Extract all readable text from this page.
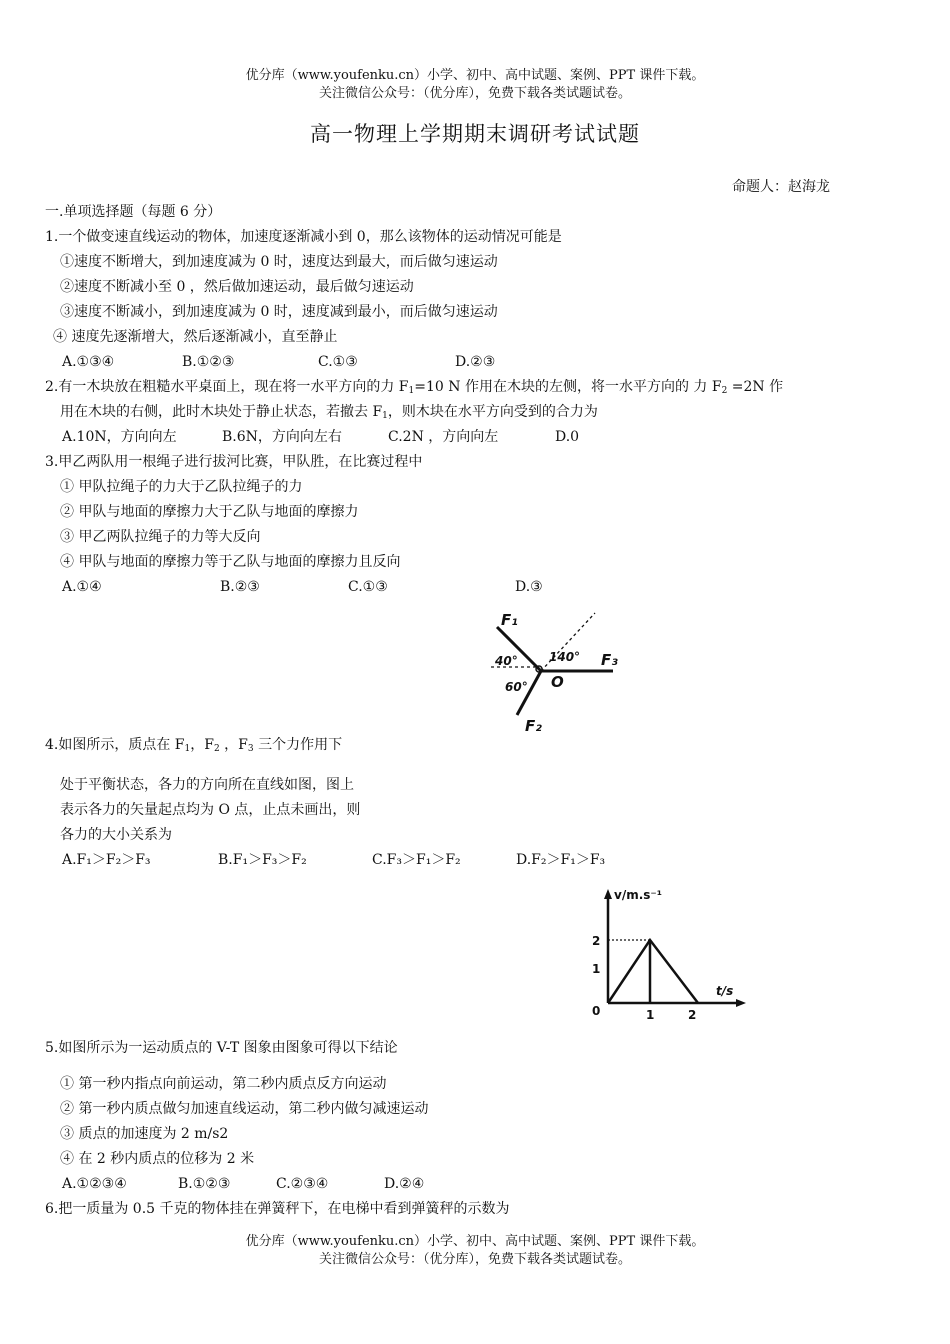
优分库（www.youfenku.cn）小学、初中、高中试题、案例、PPT 课件下载。
关注微信公众号：（优分库），免费下载各类试题试卷。
高一物理上学期期末调研考试试题
命题人：赵海龙
一.单项选择题（每题 6 分）
1.一个做变速直线运动的物体，加速度逐渐减小到 0，那么该物体的运动情况可能是
①速度不断增大，到加速度减为 0 时，速度达到最大，而后做匀速运动
②速度不断减小至 0 ，然后做加速运动，最后做匀速运动
③速度不断减小，到加速度减为 0 时，速度减到最小，而后做匀速运动
④ 速度先逐渐增大，然后逐渐减小，直至静止
A.①③④	B.①②③	C.①③	D.②③
2.有一木块放在粗糙水平桌面上，现在将一水平方向的力 $F_1=10$ N 作用在木块的左侧，将一水平方向的 力 $F_2 =2N$ 作
用在木块的右侧，此时木块处于静止状态，若撤去 $F_1$，则木块在水平方向受到的合力为
A.10N，方向向左	B.6N，方向向左右	C.2N ，方向向左	D.0
3.甲乙两队用一根绳子进行拔河比赛，甲队胜，在比赛过程中
① 甲队拉绳子的力大于乙队拉绳子的力
② 甲队与地面的摩擦力大于乙队与地面的摩擦力
③ 甲乙两队拉绳子的力等大反向
④ 甲队与地面的摩擦力等于乙队与地面的摩擦力且反向
A.①④	B.②③	C.①③	D.③
F₁
F₃
F₂
O
40°
60°
140°
4.如图所示，质点在 $F_1$，$F_2$ ，$F_3$ 三个力作用下
处于平衡状态，各力的方向所在直线如图，图上
表示各力的矢量起点均为 O 点，止点未画出，则
各力的大小关系为
A.F₁＞F₂＞F₃	B.F₁＞F₃＞F₂	C.F₃＞F₁＞F₂	D.F₂＞F₁＞F₃
v/m.s⁻¹
t/s
2
1
0	1	2
5.如图所示为一运动质点的 V-T 图象由图象可得以下结论
① 第一秒内指点向前运动，第二秒内质点反方向运动
② 第一秒内质点做匀加速直线运动，第二秒内做匀减速运动
③ 质点的加速度为 2 m/s2
④ 在 2 秒内质点的位移为 2 米
A.①②③④	B.①②③	C.②③④	D.②④
6.把一质量为 0.5 千克的物体挂在弹簧秤下，在电梯中看到弹簧秤的示数为
优分库（www.youfenku.cn）小学、初中、高中试题、案例、PPT 课件下载。
关注微信公众号：（优分库），免费下载各类试题试卷。
